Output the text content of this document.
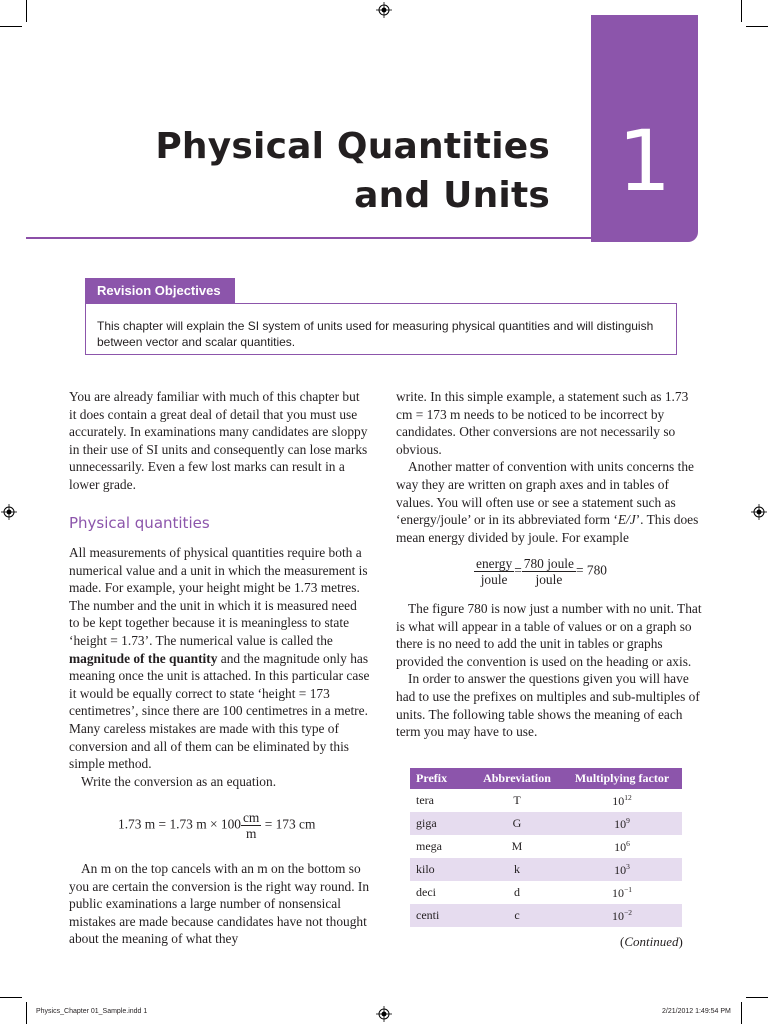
Physical Quantities
and Units 1
Revision Objectives
This chapter will explain the SI system of units used for measuring physical quantities and will distinguish between vector and scalar quantities.

You are already familiar with much of this chapter but it does contain a great deal of detail that you must use accurately. In examinations many candidates are sloppy in their use of SI units and consequently can lose marks unnecessarily. Even a few lost marks can result in a lower grade.

Physical quantities

All measurements of physical quantities require both a numerical value and a unit in which the measurement is made. For example, your height might be 1.73 metres. The number and the unit in which it is measured need to be kept together because it is meaningless to state ‘height = 1.73’. The numerical value is called the magnitude of the quantity and the magnitude only has meaning once the unit is attached. In this particular case it would be equally correct to state ‘height = 173 centimetres’, since there are 100 centimetres in a metre. Many careless mistakes are made with this type of conversion and all of them can be eliminated by this simple method.

Write the conversion as an equation.

1.73 m = 1.73 $m \times 100 \frac{cm}{m} = 173$ cm

An m on the top cancels with an m on the bottom so you are certain the conversion is the right way round. In public examinations a large number of nonsensical mistakes are made because candidates have not thought about the meaning of what they

write. In this simple example, a statement such as 1.73 cm = 173 m needs to be noticed to be incorrect by candidates. Other conversions are not necessarily so obvious.

Another matter of convention with units concerns the way they are written on graph axes and in tables of values. You will often use or see a statement such as ‘energy/joule’ or in its abbreviated form ‘E/J’. This does mean energy divided by joule. For example

$\frac{\text{energy}}{\text{joule}} = \frac{\text{780 joule}}{\text{joule}} = 780$

The figure 780 is now just a number with no unit. That is what will appear in a table of values or on a graph so there is no need to add the unit in tables or graphs provided the convention is used on the heading or axis.

In order to answer the questions given you will have had to use the prefixes on multiples and sub-multiples of units. The following table shows the meaning of each term you may have to use.

Prefix	Abbreviation	Multiplying factor
tera	T	$10^{12}$
giga	G	$10^9$
mega	M	$10^6$
kilo	k	$10^3$
deci	d	$10^{-1}$
centi	c	$10^{-2}$
(Continued)
Physics_Chapter 01_Sample.indd 1	2/21/2012 1:49:54 PM
